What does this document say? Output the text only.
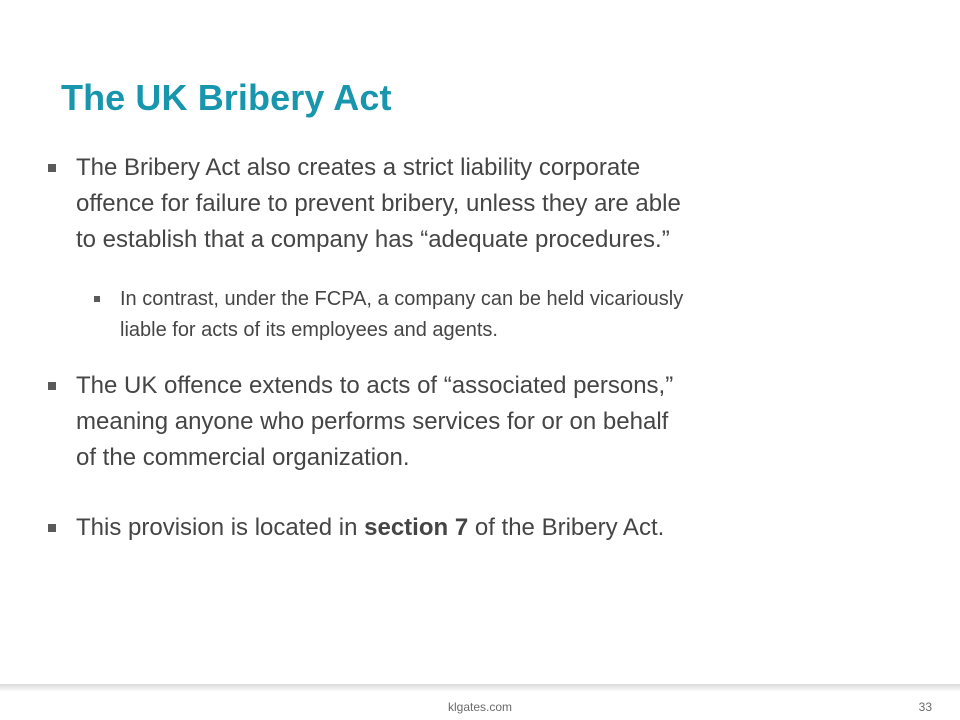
The UK Bribery Act
The Bribery Act also creates a strict liability corporate
offence for failure to prevent bribery, unless they are able
to establish that a company has “adequate procedures.”
In contrast, under the FCPA, a company can be held vicariously
liable for acts of its employees and agents.
The UK offence extends to acts of “associated persons,”
meaning anyone who performs services for or on behalf
of the commercial organization.
This provision is located in section 7 of the Bribery Act.
klgates.com	33
